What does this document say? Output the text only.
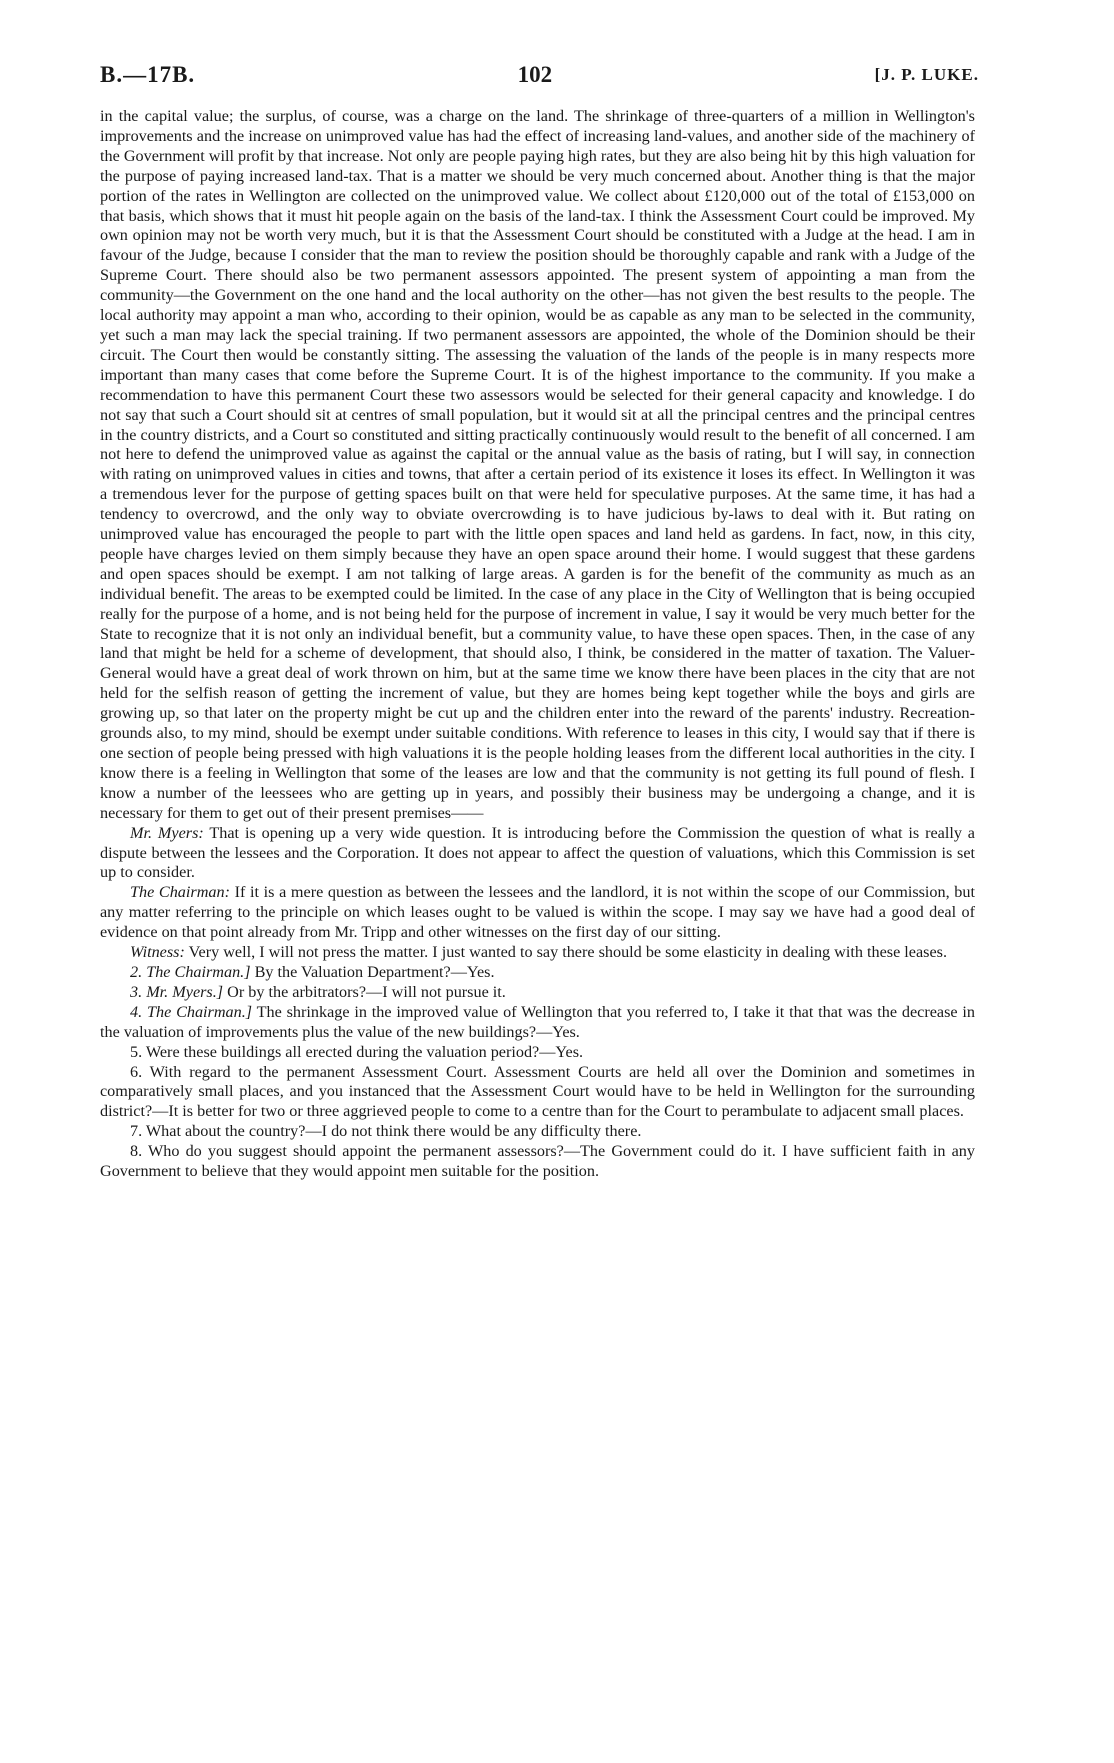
B.—17B.	102	[J. P. LUKE.

in the capital value; the surplus, of course, was a charge on the land. The shrinkage of three-quarters of a million in Wellington's improvements and the increase on unimproved value has had the effect of increasing land-values, and another side of the machinery of the Government will profit by that increase. Not only are people paying high rates, but they are also being hit by this high valuation for the purpose of paying increased land-tax. That is a matter we should be very much concerned about. Another thing is that the major portion of the rates in Wellington are collected on the unimproved value. We collect about £120,000 out of the total of £153,000 on that basis, which shows that it must hit people again on the basis of the land-tax. I think the Assessment Court could be improved. My own opinion may not be worth very much, but it is that the Assessment Court should be constituted with a Judge at the head. I am in favour of the Judge, because I consider that the man to review the position should be thoroughly capable and rank with a Judge of the Supreme Court. There should also be two permanent assessors appointed. The present system of appointing a man from the community—the Government on the one hand and the local authority on the other—has not given the best results to the people. The local authority may appoint a man who, according to their opinion, would be as capable as any man to be selected in the community, yet such a man may lack the special training. If two permanent assessors are appointed, the whole of the Dominion should be their circuit. The Court then would be constantly sitting. The assessing the valuation of the lands of the people is in many respects more important than many cases that come before the Supreme Court. It is of the highest importance to the community. If you make a recommendation to have this permanent Court these two assessors would be selected for their general capacity and knowledge. I do not say that such a Court should sit at centres of small population, but it would sit at all the principal centres and the principal centres in the country districts, and a Court so constituted and sitting practically continuously would result to the benefit of all concerned. I am not here to defend the unimproved value as against the capital or the annual value as the basis of rating, but I will say, in connection with rating on unimproved values in cities and towns, that after a certain period of its existence it loses its effect. In Wellington it was a tremendous lever for the purpose of getting spaces built on that were held for speculative purposes. At the same time, it has had a tendency to overcrowd, and the only way to obviate overcrowding is to have judicious by-laws to deal with it. But rating on unimproved value has encouraged the people to part with the little open spaces and land held as gardens. In fact, now, in this city, people have charges levied on them simply because they have an open space around their home. I would suggest that these gardens and open spaces should be exempt. I am not talking of large areas. A garden is for the benefit of the community as much as an individual benefit. The areas to be exempted could be limited. In the case of any place in the City of Wellington that is being occupied really for the purpose of a home, and is not being held for the purpose of increment in value, I say it would be very much better for the State to recognize that it is not only an individual benefit, but a community value, to have these open spaces. Then, in the case of any land that might be held for a scheme of development, that should also, I think, be considered in the matter of taxation. The Valuer-General would have a great deal of work thrown on him, but at the same time we know there have been places in the city that are not held for the selfish reason of getting the increment of value, but they are homes being kept together while the boys and girls are growing up, so that later on the property might be cut up and the children enter into the reward of the parents' industry. Recreation-grounds also, to my mind, should be exempt under suitable conditions. With reference to leases in this city, I would say that if there is one section of people being pressed with high valuations it is the people holding leases from the different local authorities in the city. I know there is a feeling in Wellington that some of the leases are low and that the community is not getting its full pound of flesh. I know a number of the leessees who are getting up in years, and possibly their business may be undergoing a change, and it is necessary for them to get out of their present premises——

Mr. Myers: That is opening up a very wide question. It is introducing before the Commission the question of what is really a dispute between the lessees and the Corporation. It does not appear to affect the question of valuations, which this Commission is set up to consider.

The Chairman: If it is a mere question as between the lessees and the landlord, it is not within the scope of our Commission, but any matter referring to the principle on which leases ought to be valued is within the scope. I may say we have had a good deal of evidence on that point already from Mr. Tripp and other witnesses on the first day of our sitting.

Witness: Very well, I will not press the matter. I just wanted to say there should be some elasticity in dealing with these leases.

2. The Chairman.] By the Valuation Department?—Yes.

3. Mr. Myers.] Or by the arbitrators?—I will not pursue it.

4. The Chairman.] The shrinkage in the improved value of Wellington that you referred to, I take it that that was the decrease in the valuation of improvements plus the value of the new buildings?—Yes.

5. Were these buildings all erected during the valuation period?—Yes.

6. With regard to the permanent Assessment Court. Assessment Courts are held all over the Dominion and sometimes in comparatively small places, and you instanced that the Assessment Court would have to be held in Wellington for the surrounding district?—It is better for two or three aggrieved people to come to a centre than for the Court to perambulate to adjacent small places.

7. What about the country?—I do not think there would be any difficulty there.

8. Who do you suggest should appoint the permanent assessors?—The Government could do it. I have sufficient faith in any Government to believe that they would appoint men suitable for the position.
